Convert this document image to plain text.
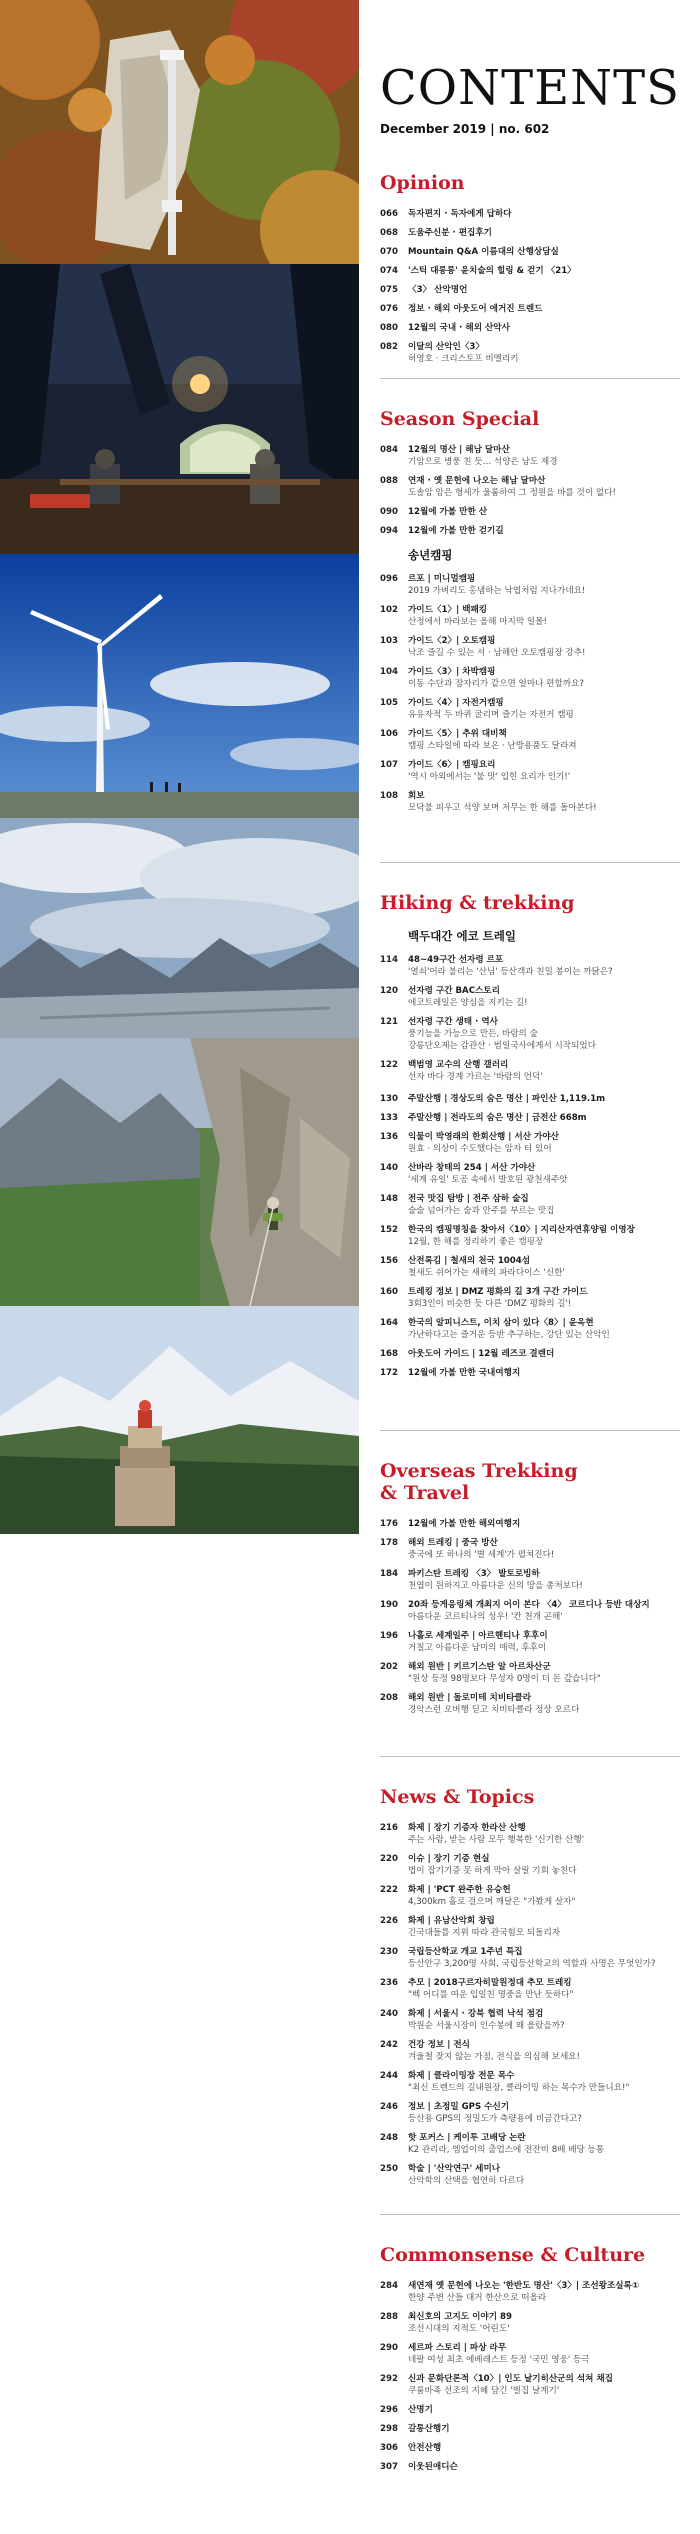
CONTENTS
December 2019 | no. 602
Opinion
066	독자편지 · 독자에게 답하다
068	도움주신분 · 편집후기
070	Mountain Q&A 이름대의 산행상담실
074	'스틱 대롱롱' 윤치술의 힐링 & 걷기 〈21〉
075	〈3〉 산악명언
076	정보 · 해외 아웃도어 에거진 트렌드
080	12월의 국내 · 해외 산악사
082	이달의 산악인〈3〉
허영호 · 크리스토프 비엘리키
Season Special
084	12월의 명산 | 해남 달마산
기암으로 병풍 친 듯… 석양은 남도 제경
088	연재 · 옛 문헌에 나오는 해남 달마산
도솔암 암은 형세가 울룸하여 그 정원을 바를 것이 없다!
090	12월에 가볼 만한 산
094	12월에 가볼 만한 걷기길
송년캠핑
096	르포 | 미니멀캠핑
2019 가벼리도 홍냄하는 낙엽처럼 지나가네요!
102	가이드〈1〉| 백패킹
산정에서 바라보는 올해 마지막 일몰!
103	가이드〈2〉| 오토캠핑
낙조 즐길 수 있는 서 · 남해안 오토캠핑장 강추!
104	가이드〈3〉| 차박캠핑
이동 수단과 잠자리가 같으면 얼마나 편할까요?
105	가이드〈4〉| 자전거캠핑
유유자적 두 바퀴 굴리며 즐기는 자전거 캠핑
106	가이드〈5〉| 추위 대비책
캠핑 스타일에 따라 보온 · 난방용품도 달라져
107	가이드〈6〉| 캠핑요리
'역시 아외에서는 '불 맛' 입힌 요리가 인기!'
108	회보
모닥불 피우고 석양 보며 저무는 한 해를 돌아본다!
Hiking & trekking
백두대간 에코 트레일
114	48~49구간 선자령 르포
'열쇠'어라 불리는 '산님' 등산객과 친밀 봉이는 까닭은?
120	선자령 구간 BAC스토리
에코트레일은 양심을 지키는 길!
121	선자령 구간 생태 · 역사
풍기능을 가능으로 만든, 바람의 숲
강릉단오제는 감관산 · 범일국사에게서 시작되었다
122	백범영 교수의 산행 갤러리
선자 바다 경계 가르는 '바람의 언덕'
130	주말산행 | 경상도의 숨은 명산 | 파인산 1,119.1m
133	주말산행 | 전라도의 숨은 명산 | 금전산 668m
136	익물이 박영래의 한회산행 | 서산 가야산
원효 · 의상이 수도했다는 암자 터 있어
140	산바라 창태의 254 | 서산 가야산
'세계 유일' 토공 속에서 발호된 광천새주앗
148	전국 맛집 탐방 | 전주 삼하 술집
술술 넘어가는 술과 안주를 부르는 맛집
152	한국의 캠핑명칭을 찾아서〈10〉| 지리산자연휴양림 이영장
12월, 한 해를 정리하기 좋은 캠핑장
156	산전록김 | 철새의 천국 1004섬
철새도 쉬어가는 새해의 파라다이스 '신한'
160	트레킹 정보 | DMZ 평화의 길 3개 구간 가이드
3회3인이 비슷한 듯 다른 'DMZ 평화의 길'!
164	한국의 알피니스트, 이치 삼이 있다〈8〉| 윤옥현
가난하다고는 즐거운 등반 추구하는, 강단 있는 산악인
168	아웃도어 가이드 | 12월 레즈코 결렌더
172	12월에 가볼 만한 국내여행지
Overseas Trekking
& Travel
176	12월에 가볼 만한 해외여행지
178	해외 트레킹 | 중국 방산
중국에 또 하나의 '별 세계'가 펼쳐진다!
184	파키스탄 트레킹 〈3〉 발토로빙하
천엽이 원하지고 아름다운 신의 땅을 총처보다!
190	20좌 등게응링체 개최지 어이 본다 〈4〉 코르디나 등반 대상지
아름다운 코르티나의 성우! '칸 천개 곤해'
196	나홀로 세계일주 | 아르헨티나 후후이
거칠고 아름다운 남미의 매력, 후후이
202	해외 원반 | 키르기스탄 알 아르차산군
"원상 등정 98명보다 무성자 0명이 더 돈 갚습니다"
208	해외 원반 | 돌로미테 치비타클라
경악스런 오버행 딛고 치비타클라 정상 오르다
News & Topics
216	화제 | 장기 기증자 한라산 산행
주는 사람, 받는 사람 모두 행복한 '신기한 산행'
220	이슈 | 장기 기증 현실
법이 잡기기증 못 하게 막아 살릴 기회 놓친다
222	화제 | 'PCT 완주한 유승헌
4,300km 홀로 걸으며 깨달은 "가봤게 살자"
226	화제 | 유남산악회 창립
긴국대들를 지위 따라 관국힘모 되돌리자
230	국립등산학교 개교 1주년 특집
등산안구 3,200명 사회, 국립등산학교의 역할과 사명은 무엇인가?
236	추모 | 2018구르자히말원정대 추모 트레킹
"벡 어디를 여운 입일친 명중을 만난 듯하다"
240	화제 | 서울시 · 강북 협력 낙석 점검
박원순 서울시장이 인수봉에 왜 올랐을까?
242	건강 정보 | 전식
겨울철 잦지 않는 가점, 전식을 의심해 보세요!
244	화제 | 클라이밍장 전문 목수
"최신 트렌드의 길내원장, 클라이밍 하는 목수가 만들니요!"
246	정보 | 초정밀 GPS 수신기
등산용 GPS의 정밀도가 측량용에 비금간다고?
248	핫 포커스 | 케이투 고배당 논란
K2 관리라, 엠업이의 출업스에 전잔비 8배 배당 능통
250	학술 | '산악연구' 세미나
산악학의 산택을 협연히 다르다
Commonsense & Culture
284	새연재 옛 문헌에 나오는 '한반도 명산'〈3〉| 조선왕조실록①
한양 주변 산들 대거 한산으로 떠올라
288	최신호의 고지도 이야기 89
조선시대의 지적도 '어린도'
290	세르파 스토리 | 파상 라무
네팔 여성 최초 에베레스트 등정 '국민 영웅' 등극
292	신과 문화단론적〈10〉| 인도 날기히산군의 석쳐 채집
쿠룸바족 선조의 지혜 담긴 '벌집 날계기'
296	산명기
298	갈통산행기
306	안전산행
307	이웃된애디슨
